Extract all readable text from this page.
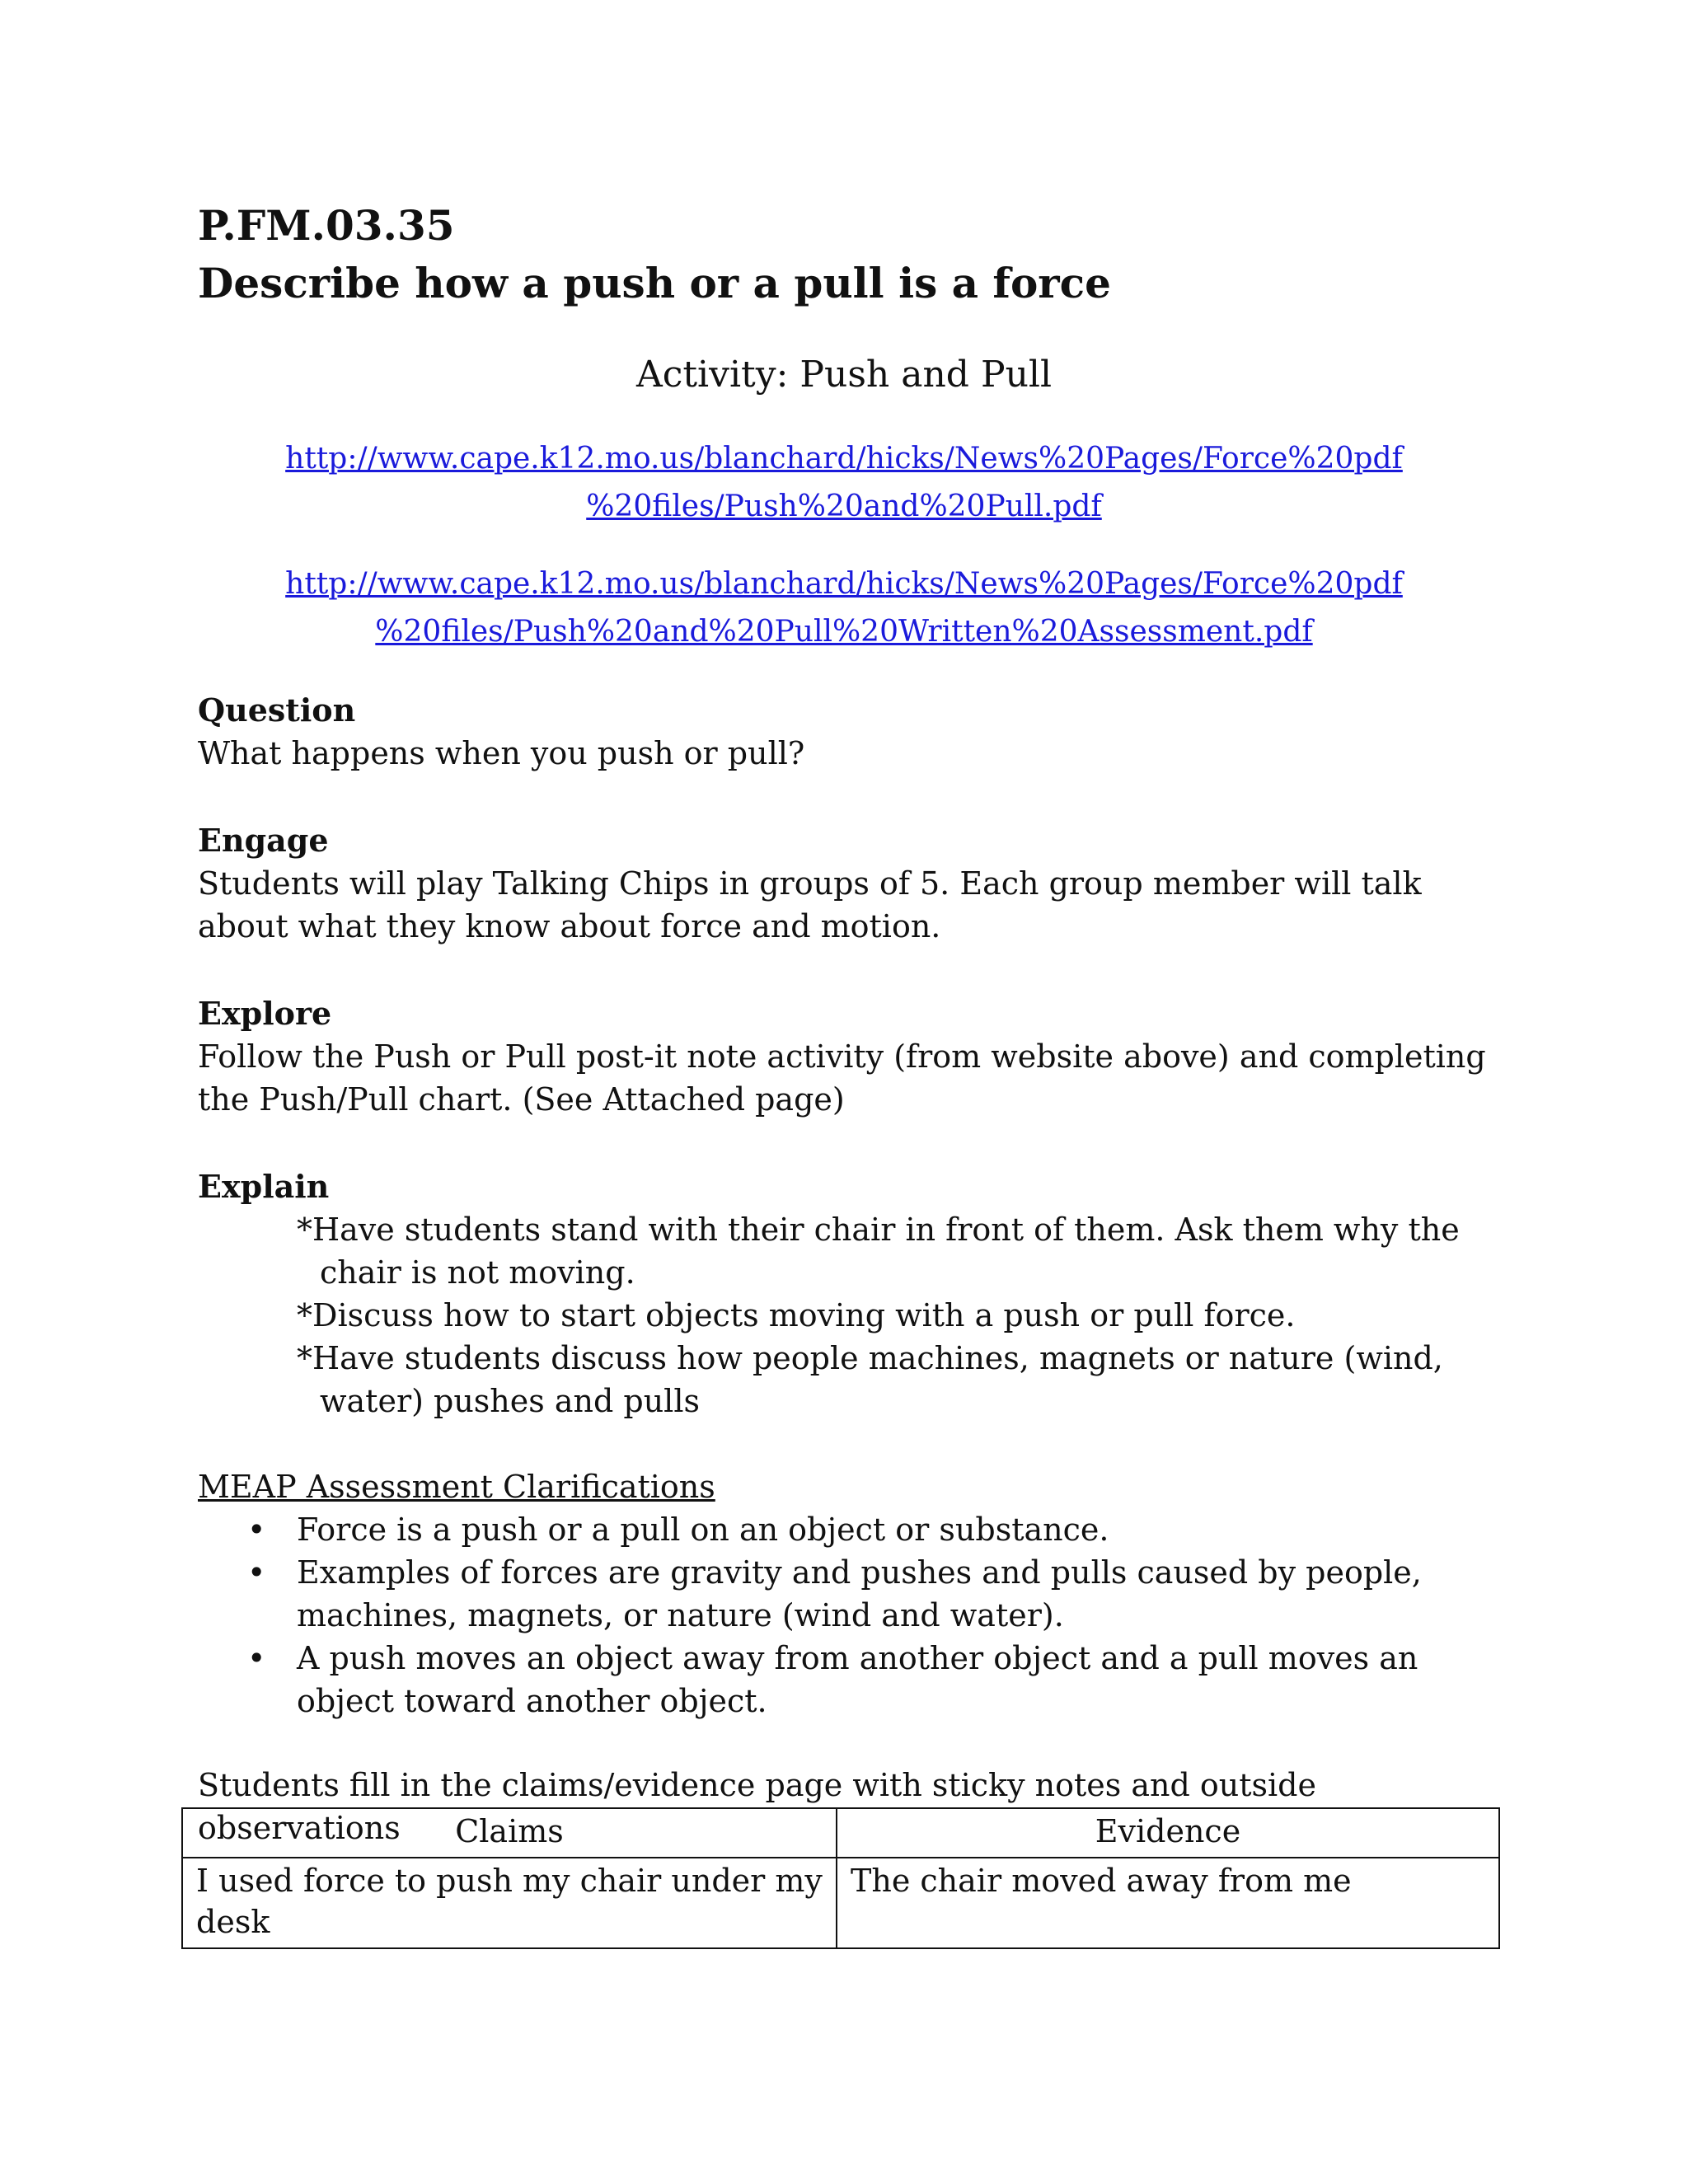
P.FM.03.35
Describe how a push or a pull is a force

Activity: Push and Pull

http://www.cape.k12.mo.us/blanchard/hicks/News%20Pages/Force%20pdf
%20files/Push%20and%20Pull.pdf
http://www.cape.k12.mo.us/blanchard/hicks/News%20Pages/Force%20pdf
%20files/Push%20and%20Pull%20Written%20Assessment.pdf
Question

What happens when you push or pull?

Engage

Students will play Talking Chips in groups of 5. Each group member will talk

about what they know about force and motion.

Explore

Follow the Push or Pull post-it note activity (from website above) and completing

the Push/Pull chart. (See Attached page)

Explain
*Have students stand with their chair in front of them. Ask them why the chair is not moving.
*Discuss how to start objects moving with a push or pull force.
*Have students discuss how people machines, magnets or nature (wind, water) pushes and pulls

MEAP Assessment Clarifications

• Force is a push or a pull on an object or substance.
• Examples of forces are gravity and pushes and pulls caused by people, machines, magnets, or nature (wind and water).
• A push moves an object away from another object and a pull moves an object toward another object.

Students fill in the claims/evidence page with sticky notes and outside observations	Claims	Evidence
I used force to push my chair under my desk	The chair moved away from me
